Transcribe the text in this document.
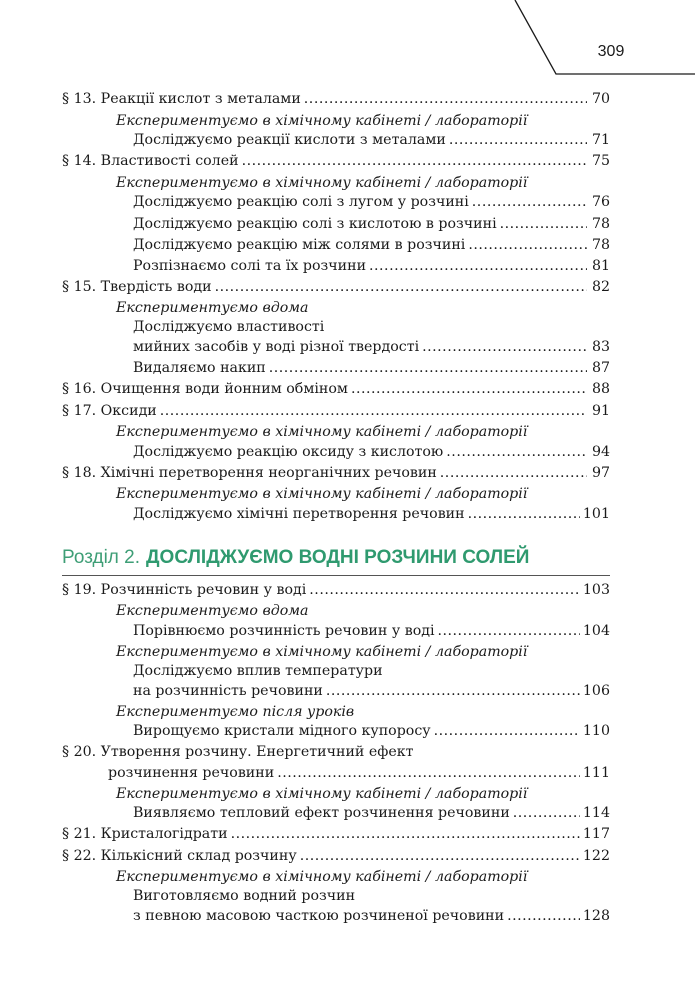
309
§ 13. Реакції кислот з металами .....	70
Експериментуємо в хімічному кабінеті / лабораторії
Досліджуємо реакції кислоти з металами .....	71
§ 14. Властивості солей .....	75
Експериментуємо в хімічному кабінеті / лабораторії
Досліджуємо реакцію солі з лугом у розчині .....	76
Досліджуємо реакцію солі з кислотою в розчині .....	78
Досліджуємо реакцію між солями в розчині .....	78
Розпізнаємо солі та їх розчини .....	81
§ 15. Твердість води .....	82
Експериментуємо вдома
Досліджуємо властивості
мийних засобів у воді різної твердості .....	83
Видаляємо накип .....	87
§ 16. Очищення води йонним обміном .....	88
§ 17. Оксиди .....	91
Експериментуємо в хімічному кабінеті / лабораторії
Досліджуємо реакцію оксиду з кислотою .....	94
§ 18. Хімічні перетворення неорганічних речовин .....	97
Експериментуємо в хімічному кабінеті / лабораторії
Досліджуємо хімічні перетворення речовин .....	101
Розділ 2. ДОСЛІДЖУЄМО ВОДНІ РОЗЧИНИ СОЛЕЙ
§ 19. Розчинність речовин у воді .....	103
Експериментуємо вдома
Порівнюємо розчинність речовин у воді .....	104
Експериментуємо в хімічному кабінеті / лабораторії
Досліджуємо вплив температури
на розчинність речовини .....	106
Експериментуємо після уроків
Вирощуємо кристали мідного купоросу .....	110
§ 20. Утворення розчину. Енергетичний ефект
розчинення речовини .....	111
Експериментуємо в хімічному кабінеті / лабораторії
Виявляємо тепловий ефект розчинення речовини .....	114
§ 21. Кристалогідрати .....	117
§ 22. Кількісний склад розчину .....	122
Експериментуємо в хімічному кабінеті / лабораторії
Виготовляємо водний розчин
з певною масовою часткою розчиненої речовини .....	128
